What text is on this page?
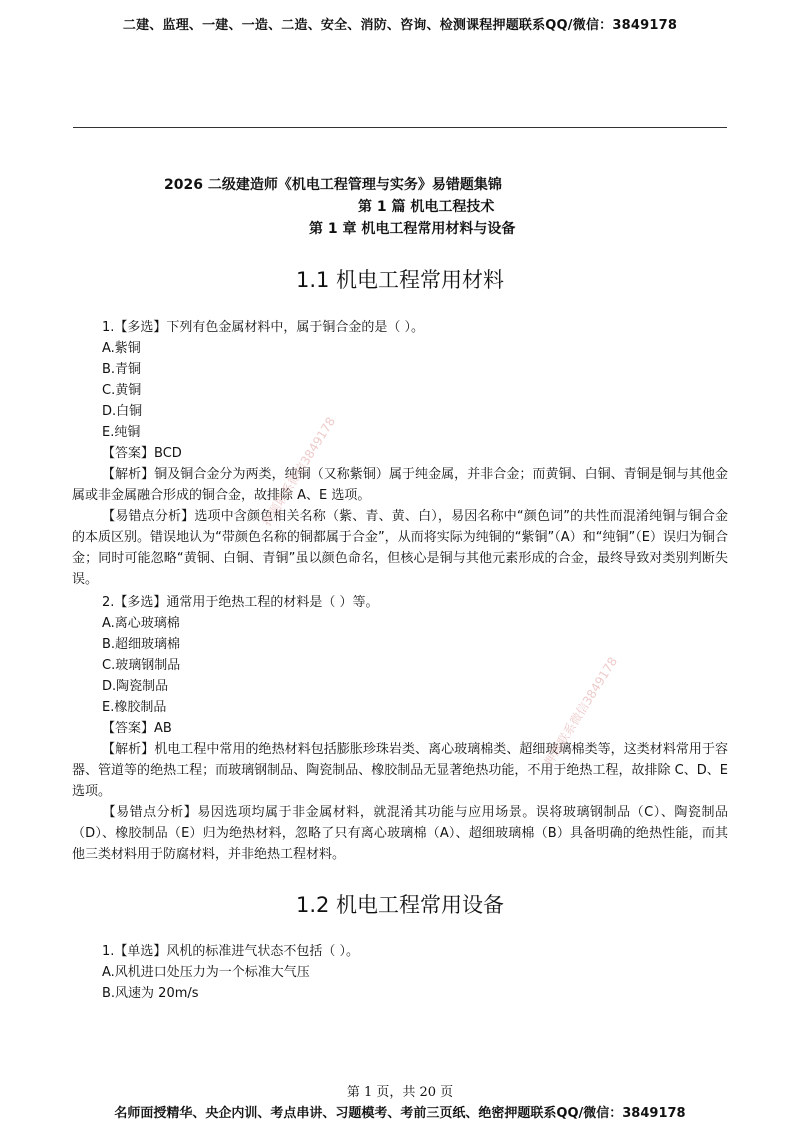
二建、监理、一建、一造、二造、安全、消防、咨询、检测课程押题联系QQ/微信：3849178
2026 二级建造师《机电工程管理与实务》易错题集锦
第 1 篇 机电工程技术
第 1 章 机电工程常用材料与设备
1.1 机电工程常用材料
1.【多选】下列有色金属材料中，属于铜合金的是（ ）。
A.紫铜
B.青铜
C.黄铜
D.白铜
E.纯铜
【答案】BCD
【解析】铜及铜合金分为两类，纯铜（又称紫铜）属于纯金属，并非合金；而黄铜、白铜、青铜是铜与其他金属或非金属融合形成的铜合金，故排除 A、E 选项。
【易错点分析】选项中含颜色相关名称（紫、青、黄、白），易因名称中“颜色词”的共性而混淆纯铜与铜合金的本质区别。错误地认为“带颜色名称的铜都属于合金”，从而将实际为纯铜的“紫铜”（A）和“纯铜”（E）误归为铜合金；同时可能忽略“黄铜、白铜、青铜”虽以颜色命名，但核心是铜与其他元素形成的合金，最终导致对类别判断失误。
2.【多选】通常用于绝热工程的材料是（ ）等。
A.离心玻璃棉
B.超细玻璃棉
C.玻璃钢制品
D.陶瓷制品
E.橡胶制品
【答案】AB
【解析】机电工程中常用的绝热材料包括膨胀珍珠岩类、离心玻璃棉类、超细玻璃棉类等，这类材料常用于容器、管道等的绝热工程；而玻璃钢制品、陶瓷制品、橡胶制品无显著绝热功能，不用于绝热工程，故排除 C、D、E 选项。
【易错点分析】易因选项均属于非金属材料，就混淆其功能与应用场景。误将玻璃钢制品（C）、陶瓷制品（D）、橡胶制品（E）归为绝热材料，忽略了只有离心玻璃棉（A）、超细玻璃棉（B）具备明确的绝热性能，而其他三类材料用于防腐材料，并非绝热工程材料。
1.2 机电工程常用设备
1.【单选】风机的标准进气状态不包括（ ）。
A.风机进口处压力为一个标准大气压
B.风速为 20m/s
押题联系微信3849178
押题联系微信3849178
第 1 页，共 20 页
名师面授精华、央企内训、考点串讲、习题模考、考前三页纸、绝密押题联系QQ/微信：3849178
